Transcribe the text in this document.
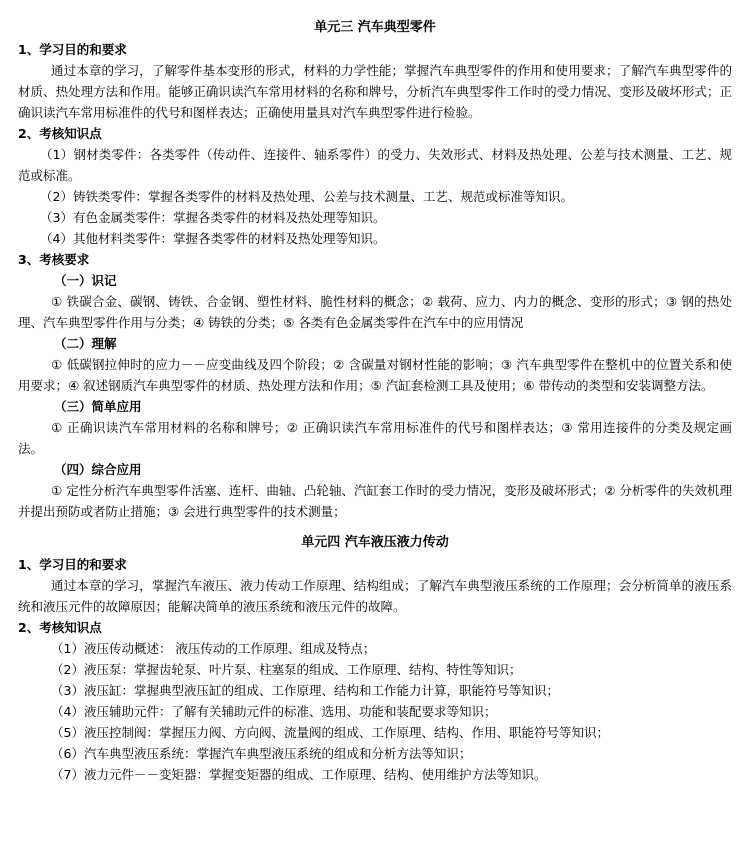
单元三 汽车典型零件

1、学习目的和要求

通过本章的学习，了解零件基本变形的形式，材料的力学性能；掌握汽车典型零件的作用和使用要求；了解汽车典型零件的材质、热处理方法和作用。能够正确识读汽车常用材料的名称和牌号，分析汽车典型零件工作时的受力情况、变形及破坏形式；正确识读汽车常用标准件的代号和图样表达；正确使用量具对汽车典型零件进行检验。

2、考核知识点

（1）钢材类零件：各类零件（传动件、连接件、轴系零件）的受力、失效形式、材料及热处理、公差与技术测量、工艺、规范或标准。

（2）铸铁类零件：掌握各类零件的材料及热处理、公差与技术测量、工艺、规范或标准等知识。

（3）有色金属类零件：掌握各类零件的材料及热处理等知识。

（4）其他材料类零件：掌握各类零件的材料及热处理等知识。

3、考核要求

（一）识记

① 铁碳合金、碳钢、铸铁、合金钢、塑性材料、脆性材料的概念；② 载荷、应力、内力的概念、变形的形式；③ 钢的热处理、汽车典型零件作用与分类；④ 铸铁的分类；⑤ 各类有色金属类零件在汽车中的应用情况

（二）理解

① 低碳钢拉伸时的应力－－应变曲线及四个阶段；② 含碳量对钢材性能的影响；③ 汽车典型零件在整机中的位置关系和使用要求；④ 叙述钢质汽车典型零件的材质、热处理方法和作用；⑤ 汽缸套检测工具及使用；⑥ 带传动的类型和安装调整方法。

（三）简单应用

① 正确识读汽车常用材料的名称和牌号；② 正确识读汽车常用标准件的代号和图样表达；③ 常用连接件的分类及规定画法。

（四）综合应用

① 定性分析汽车典型零件活塞、连杆、曲轴、凸轮轴、汽缸套工作时的受力情况，变形及破坏形式；② 分析零件的失效机理并提出预防或者防止措施；③ 会进行典型零件的技术测量；

单元四 汽车液压液力传动

1、学习目的和要求

通过本章的学习，掌握汽车液压、液力传动工作原理、结构组成；了解汽车典型液压系统的工作原理；会分析简单的液压系统和液压元件的故障原因；能解决简单的液压系统和液压元件的故障。

2、考核知识点

（1）液压传动概述： 液压传动的工作原理、组成及特点；

（2）液压泵：掌握齿轮泵、叶片泵、柱塞泵的组成、工作原理、结构、特性等知识；

（3）液压缸：掌握典型液压缸的组成、工作原理、结构和工作能力计算，职能符号等知识；

（4）液压辅助元件：了解有关辅助元件的标准、选用、功能和装配要求等知识；

（5）液压控制阀：掌握压力阀、方向阀、流量阀的组成、工作原理、结构、作用、职能符号等知识；

（6）汽车典型液压系统：掌握汽车典型液压系统的组成和分析方法等知识；

（7）液力元件－－变矩器：掌握变矩器的组成、工作原理、结构、使用维护方法等知识。
